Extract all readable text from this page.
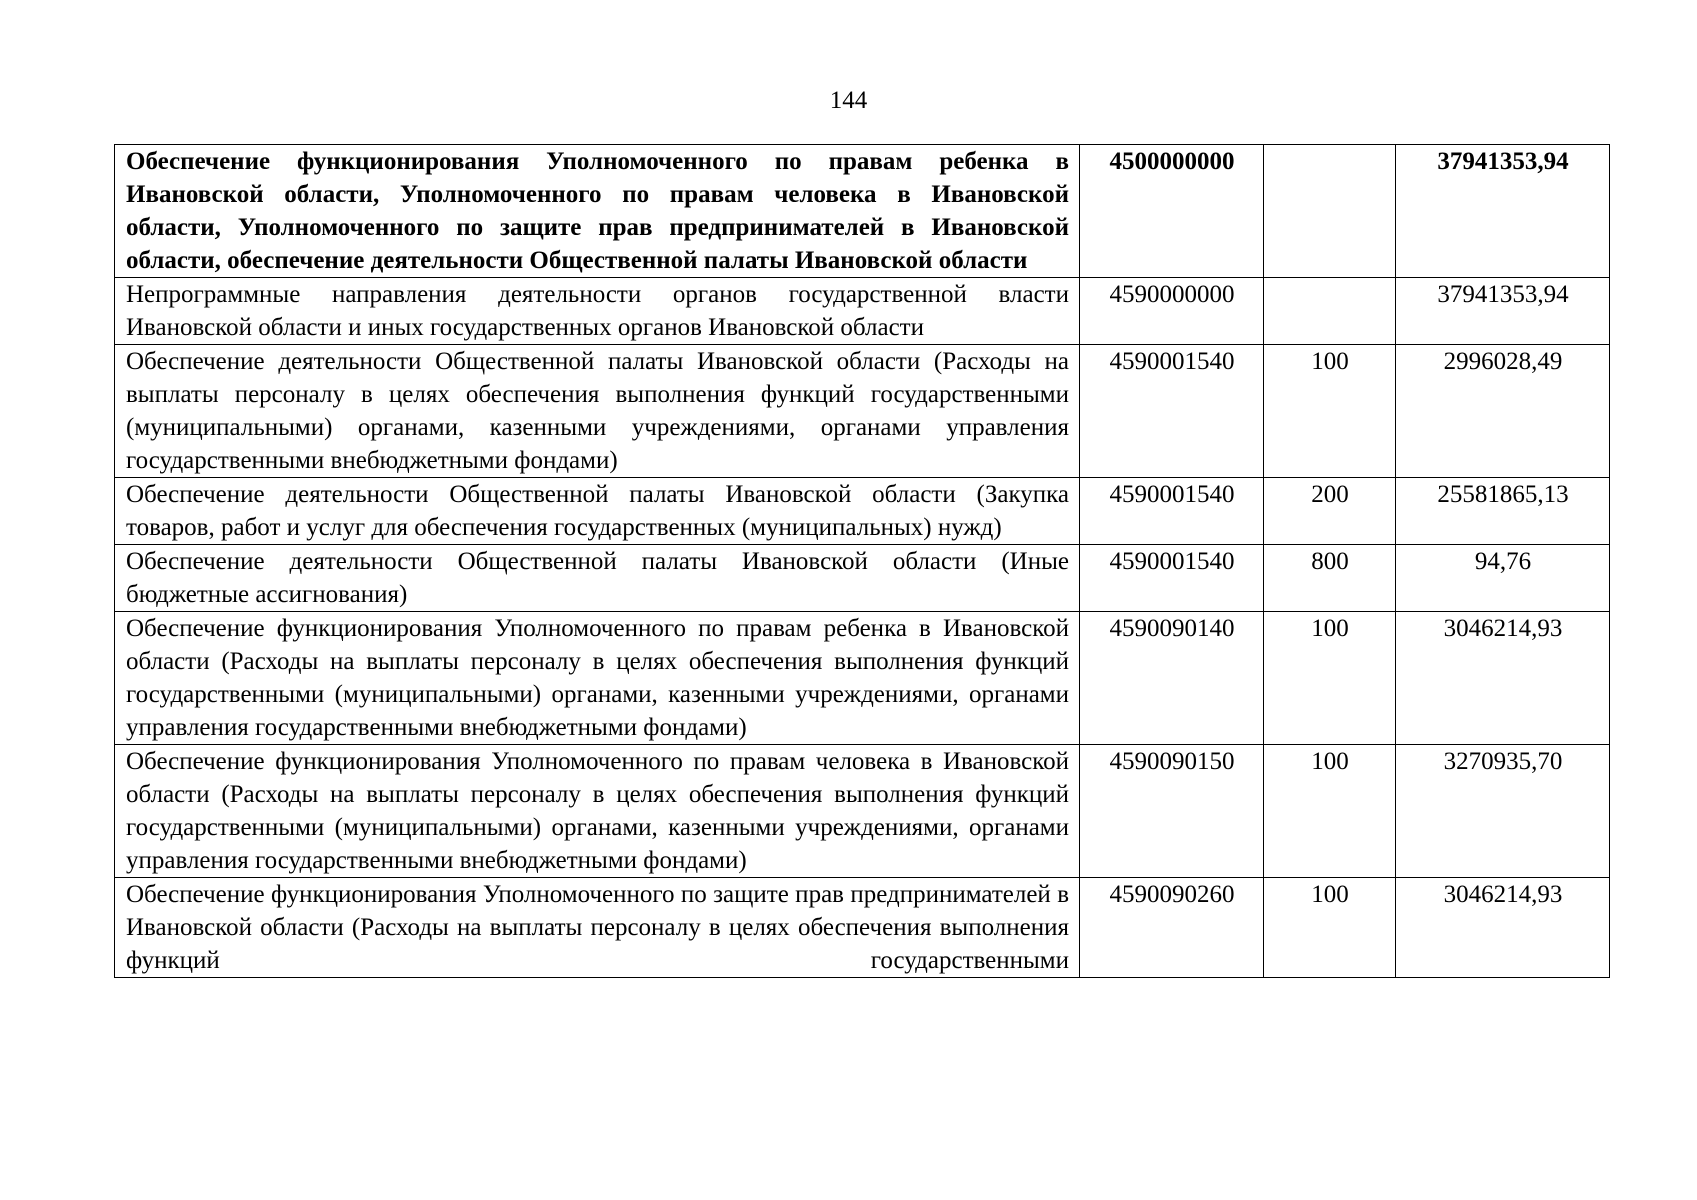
144
Обеспечение функционирования Уполномоченного по правам ребенка в Ивановской области, Уполномоченного по правам человека в Ивановской области, Уполномоченного по защите прав предпринимателей в Ивановской области, обеспечение деятельности Общественной палаты Ивановской области	4500000000		37941353,94
Непрограммные направления деятельности органов государственной власти Ивановской области и иных государственных органов Ивановской области	4590000000		37941353,94
Обеспечение деятельности Общественной палаты Ивановской области (Расходы на выплаты персоналу в целях обеспечения выполнения функций государственными (муниципальными) органами, казенными учреждениями, органами управления государственными внебюджетными фондами)	4590001540	100	2996028,49
Обеспечение деятельности Общественной палаты Ивановской области (Закупка товаров, работ и услуг для обеспечения государственных (муниципальных) нужд)	4590001540	200	25581865,13
Обеспечение деятельности Общественной палаты Ивановской области (Иные бюджетные ассигнования)	4590001540	800	94,76
Обеспечение функционирования Уполномоченного по правам ребенка в Ивановской области (Расходы на выплаты персоналу в целях обеспечения выполнения функций государственными (муниципальными) органами, казенными учреждениями, органами управления государственными внебюджетными фондами)	4590090140	100	3046214,93
Обеспечение функционирования Уполномоченного по правам человека в Ивановской области (Расходы на выплаты персоналу в целях обеспечения выполнения функций государственными (муниципальными) органами, казенными учреждениями, органами управления государственными внебюджетными фондами)	4590090150	100	3270935,70
Обеспечение функционирования Уполномоченного по защите прав предпринимателей в Ивановской области (Расходы на выплаты персоналу в целях обеспечения выполнения функций государственными	4590090260	100	3046214,93
